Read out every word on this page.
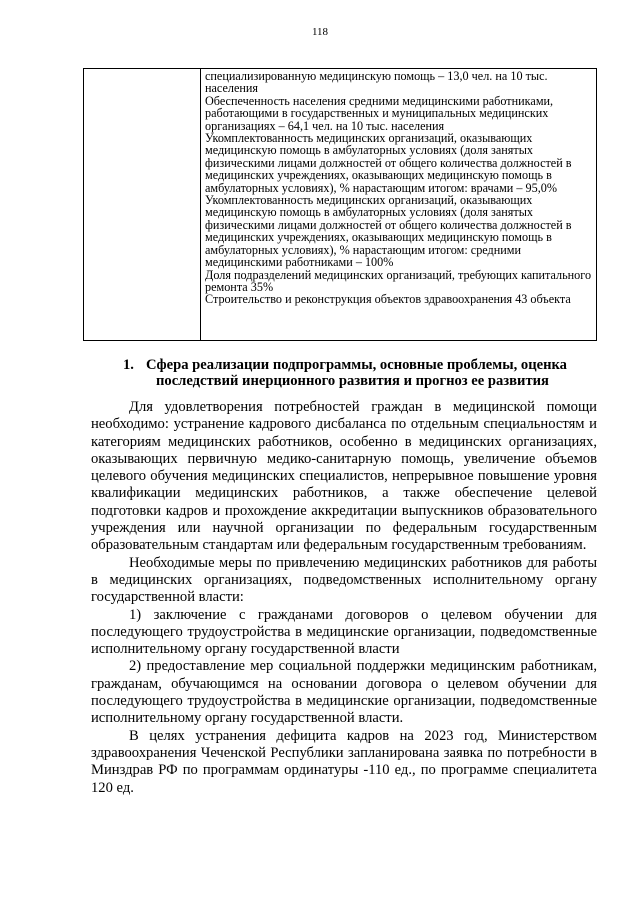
118

специализированную медицинскую помощь – 13,0 чел. на 10 тыс. населения

Обеспеченность населения средними медицинскими работниками, работающими в государственных и муниципальных медицинских организациях – 64,1 чел. на 10 тыс. населения

Укомплектованность медицинских организаций, оказывающих медицинскую помощь в амбулаторных условиях (доля занятых физическими лицами должностей от общего количества должностей в медицинских учреждениях, оказывающих медицинскую помощь в амбулаторных условиях), % нарастающим итогом: врачами – 95,0%

Укомплектованность медицинских организаций, оказывающих медицинскую помощь в амбулаторных условиях (доля занятых физическими лицами должностей от общего количества должностей в медицинских учреждениях, оказывающих медицинскую помощь в амбулаторных условиях), % нарастающим итогом: средними медицинскими работниками – 100%

Доля подразделений медицинских организаций, требующих капитального ремонта 35%

Строительство и реконструкция объектов здравоохранения 43 объекта

1. Сфера реализации подпрограммы, основные проблемы, оценка
последствий инерционного развития и прогноз ее развития

Для удовлетворения потребностей граждан в медицинской помощи необходимо: устранение кадрового дисбаланса по отдельным специальностям и категориям медицинских работников, особенно в медицинских организациях, оказывающих первичную медико-санитарную помощь, увеличение объемов целевого обучения медицинских специалистов, непрерывное повышение уровня квалификации медицинских работников, а также обеспечение целевой подготовки кадров и прохождение аккредитации выпускников образовательного учреждения или научной организации по федеральным государственным образовательным стандартам или федеральным государственным требованиям.

Необходимые меры по привлечению медицинских работников для работы в медицинских организациях, подведомственных исполнительному органу государственной власти:

1) заключение с гражданами договоров о целевом обучении для последующего трудоустройства в медицинские организации, подведомственные исполнительному органу государственной власти

2) предоставление мер социальной поддержки медицинским работникам, гражданам, обучающимся на основании договора о целевом обучении для последующего трудоустройства в медицинские организации, подведомственные исполнительному органу государственной власти.

В целях устранения дефицита кадров на 2023 год, Министерством здравоохранения Чеченской Республики запланирована заявка по потребности в Минздрав РФ по программам ординатуры -110 ед., по программе специалитета 120 ед.
